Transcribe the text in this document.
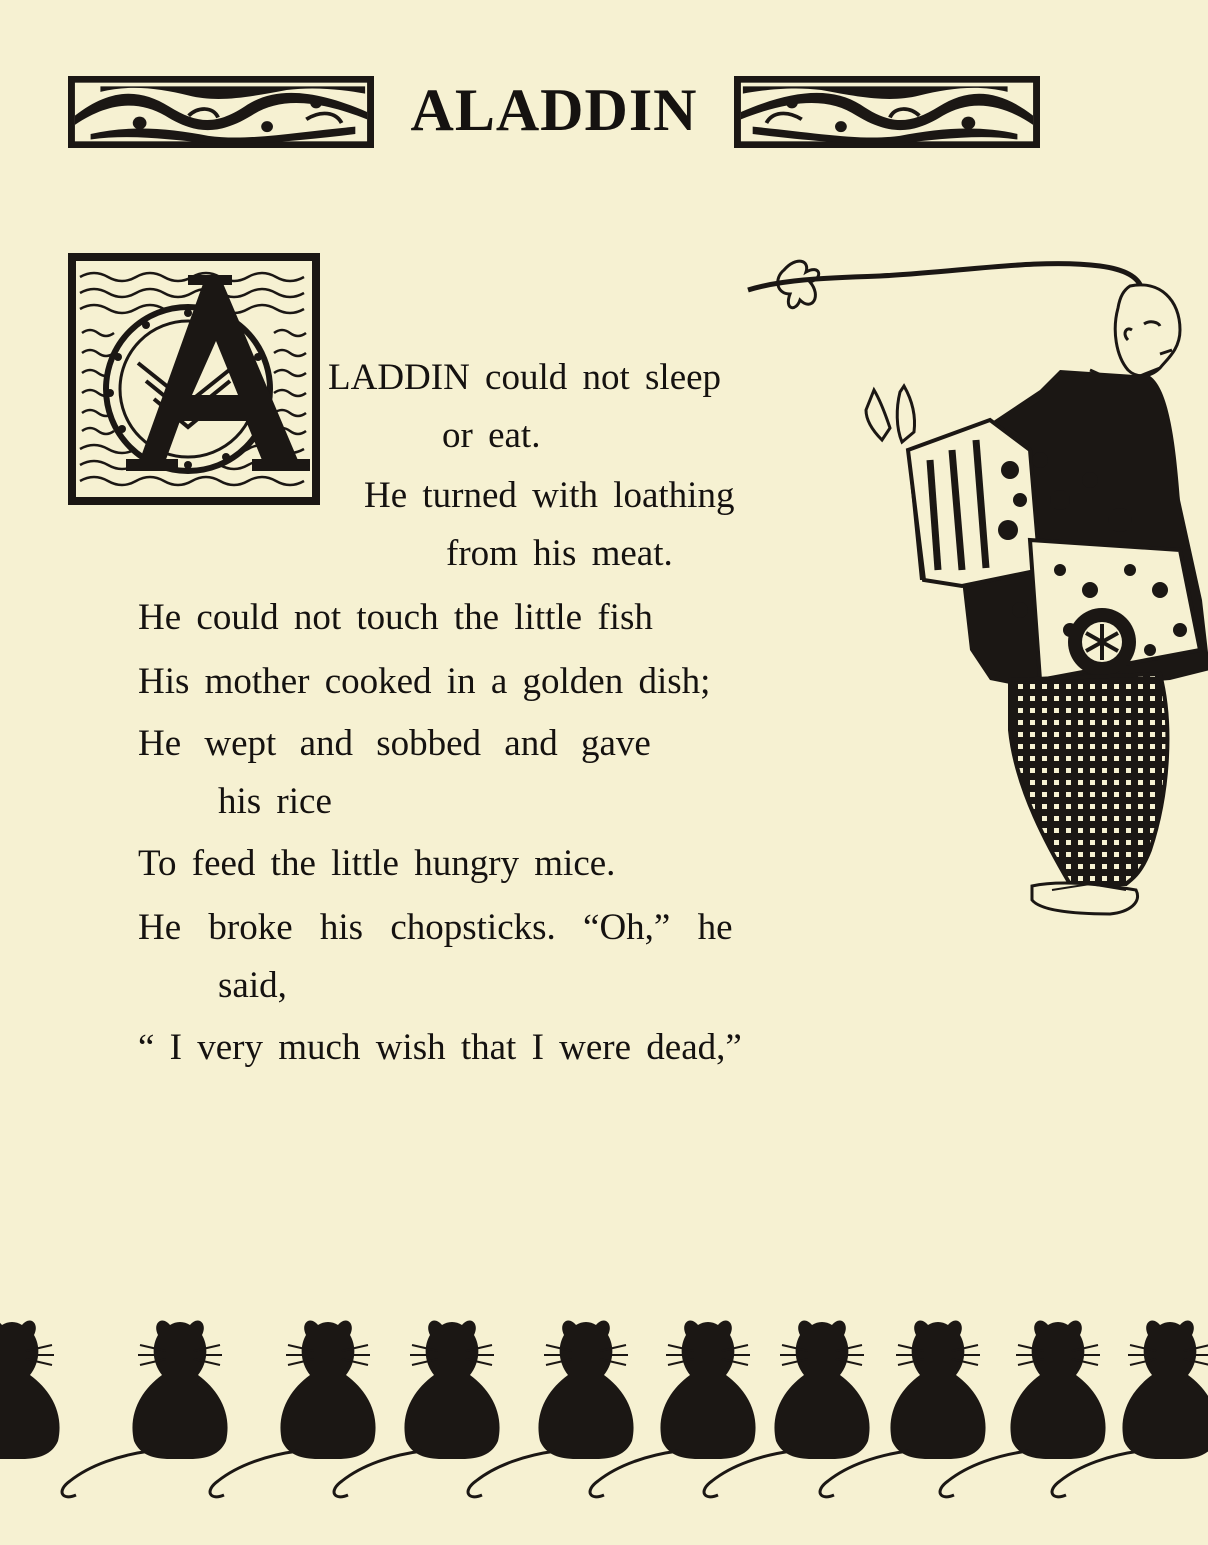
ALADDIN
LADDIN could not sleep
or eat.
He turned with loathing
from his meat.
He could not touch the little fish
His mother cooked in a golden dish;
He wept and sobbed and gave
his rice
To feed the little hungry mice.
He broke his chopsticks. “Oh,” he
said,
“ I very much wish that I were dead,”
